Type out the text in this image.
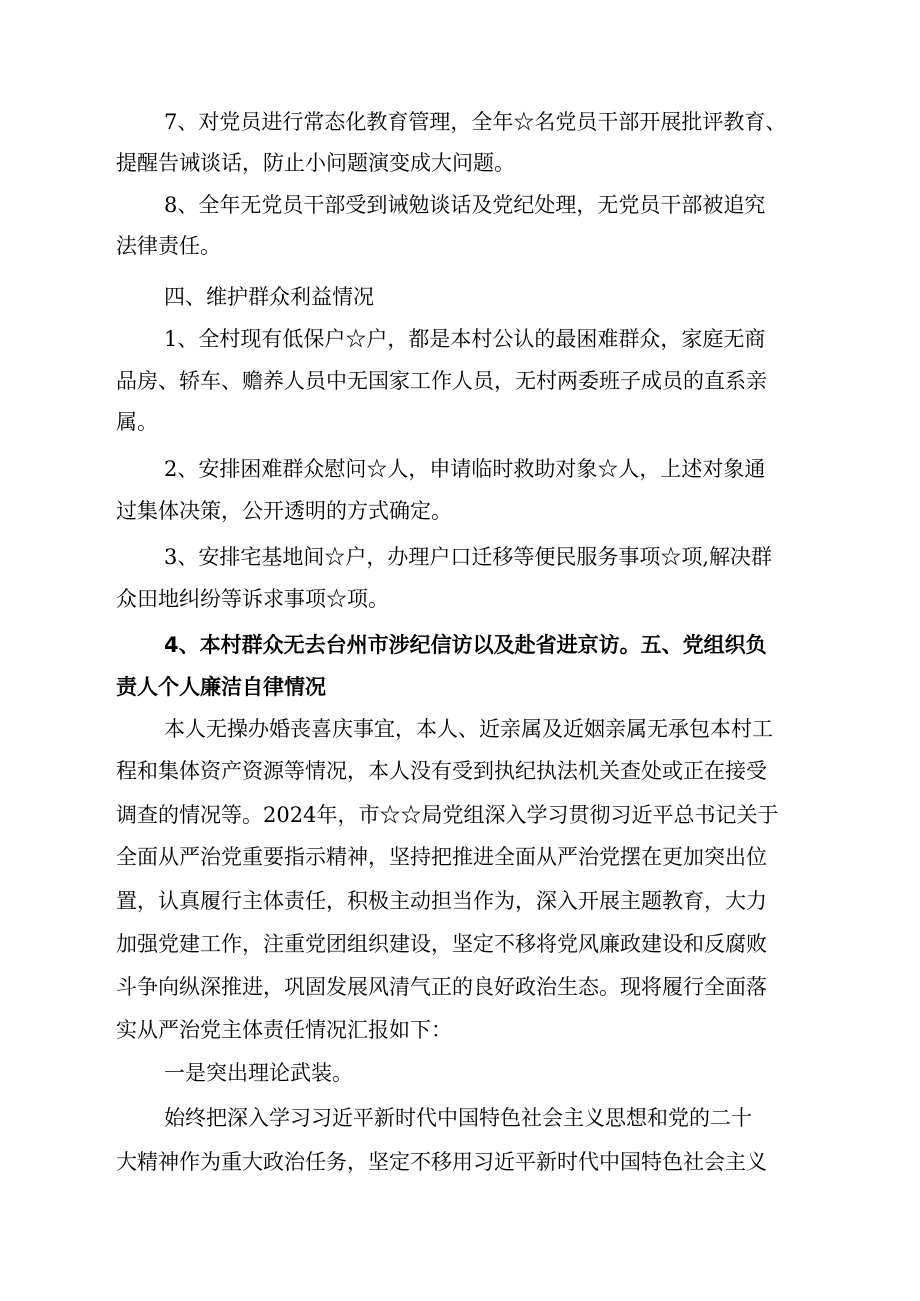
7、对党员进行常态化教育管理，全年☆名党员干部开展批评教育、
提醒告诫谈话，防止小问题演变成大问题。
8、全年无党员干部受到诫勉谈话及党纪处理，无党员干部被追究
法律责任。
四、维护群众利益情况
1、全村现有低保户☆户，都是本村公认的最困难群众，家庭无商
品房、轿车、赡养人员中无国家工作人员，无村两委班子成员的直系亲
属。
2、安排困难群众慰问☆人，申请临时救助对象☆人，上述对象通
过集体决策，公开透明的方式确定。
3、安排宅基地间☆户，办理户口迁移等便民服务事项☆项,解决群
众田地纠纷等诉求事项☆项。
4、本村群众无去台州市涉纪信访以及赴省进京访。五、党组织负
责人个人廉洁自律情况
本人无操办婚丧喜庆事宜，本人、近亲属及近姻亲属无承包本村工
程和集体资产资源等情况，本人没有受到执纪执法机关查处或正在接受
调查的情况等。2024年，市☆☆局党组深入学习贯彻习近平总书记关于
全面从严治党重要指示精神，坚持把推进全面从严治党摆在更加突出位
置，认真履行主体责任，积极主动担当作为，深入开展主题教育，大力
加强党建工作，注重党团组织建设，坚定不移将党风廉政建设和反腐败
斗争向纵深推进，巩固发展风清气正的良好政治生态。现将履行全面落
实从严治党主体责任情况汇报如下：
一是突出理论武装。
始终把深入学习习近平新时代中国特色社会主义思想和党的二十
大精神作为重大政治任务，坚定不移用习近平新时代中国特色社会主义
